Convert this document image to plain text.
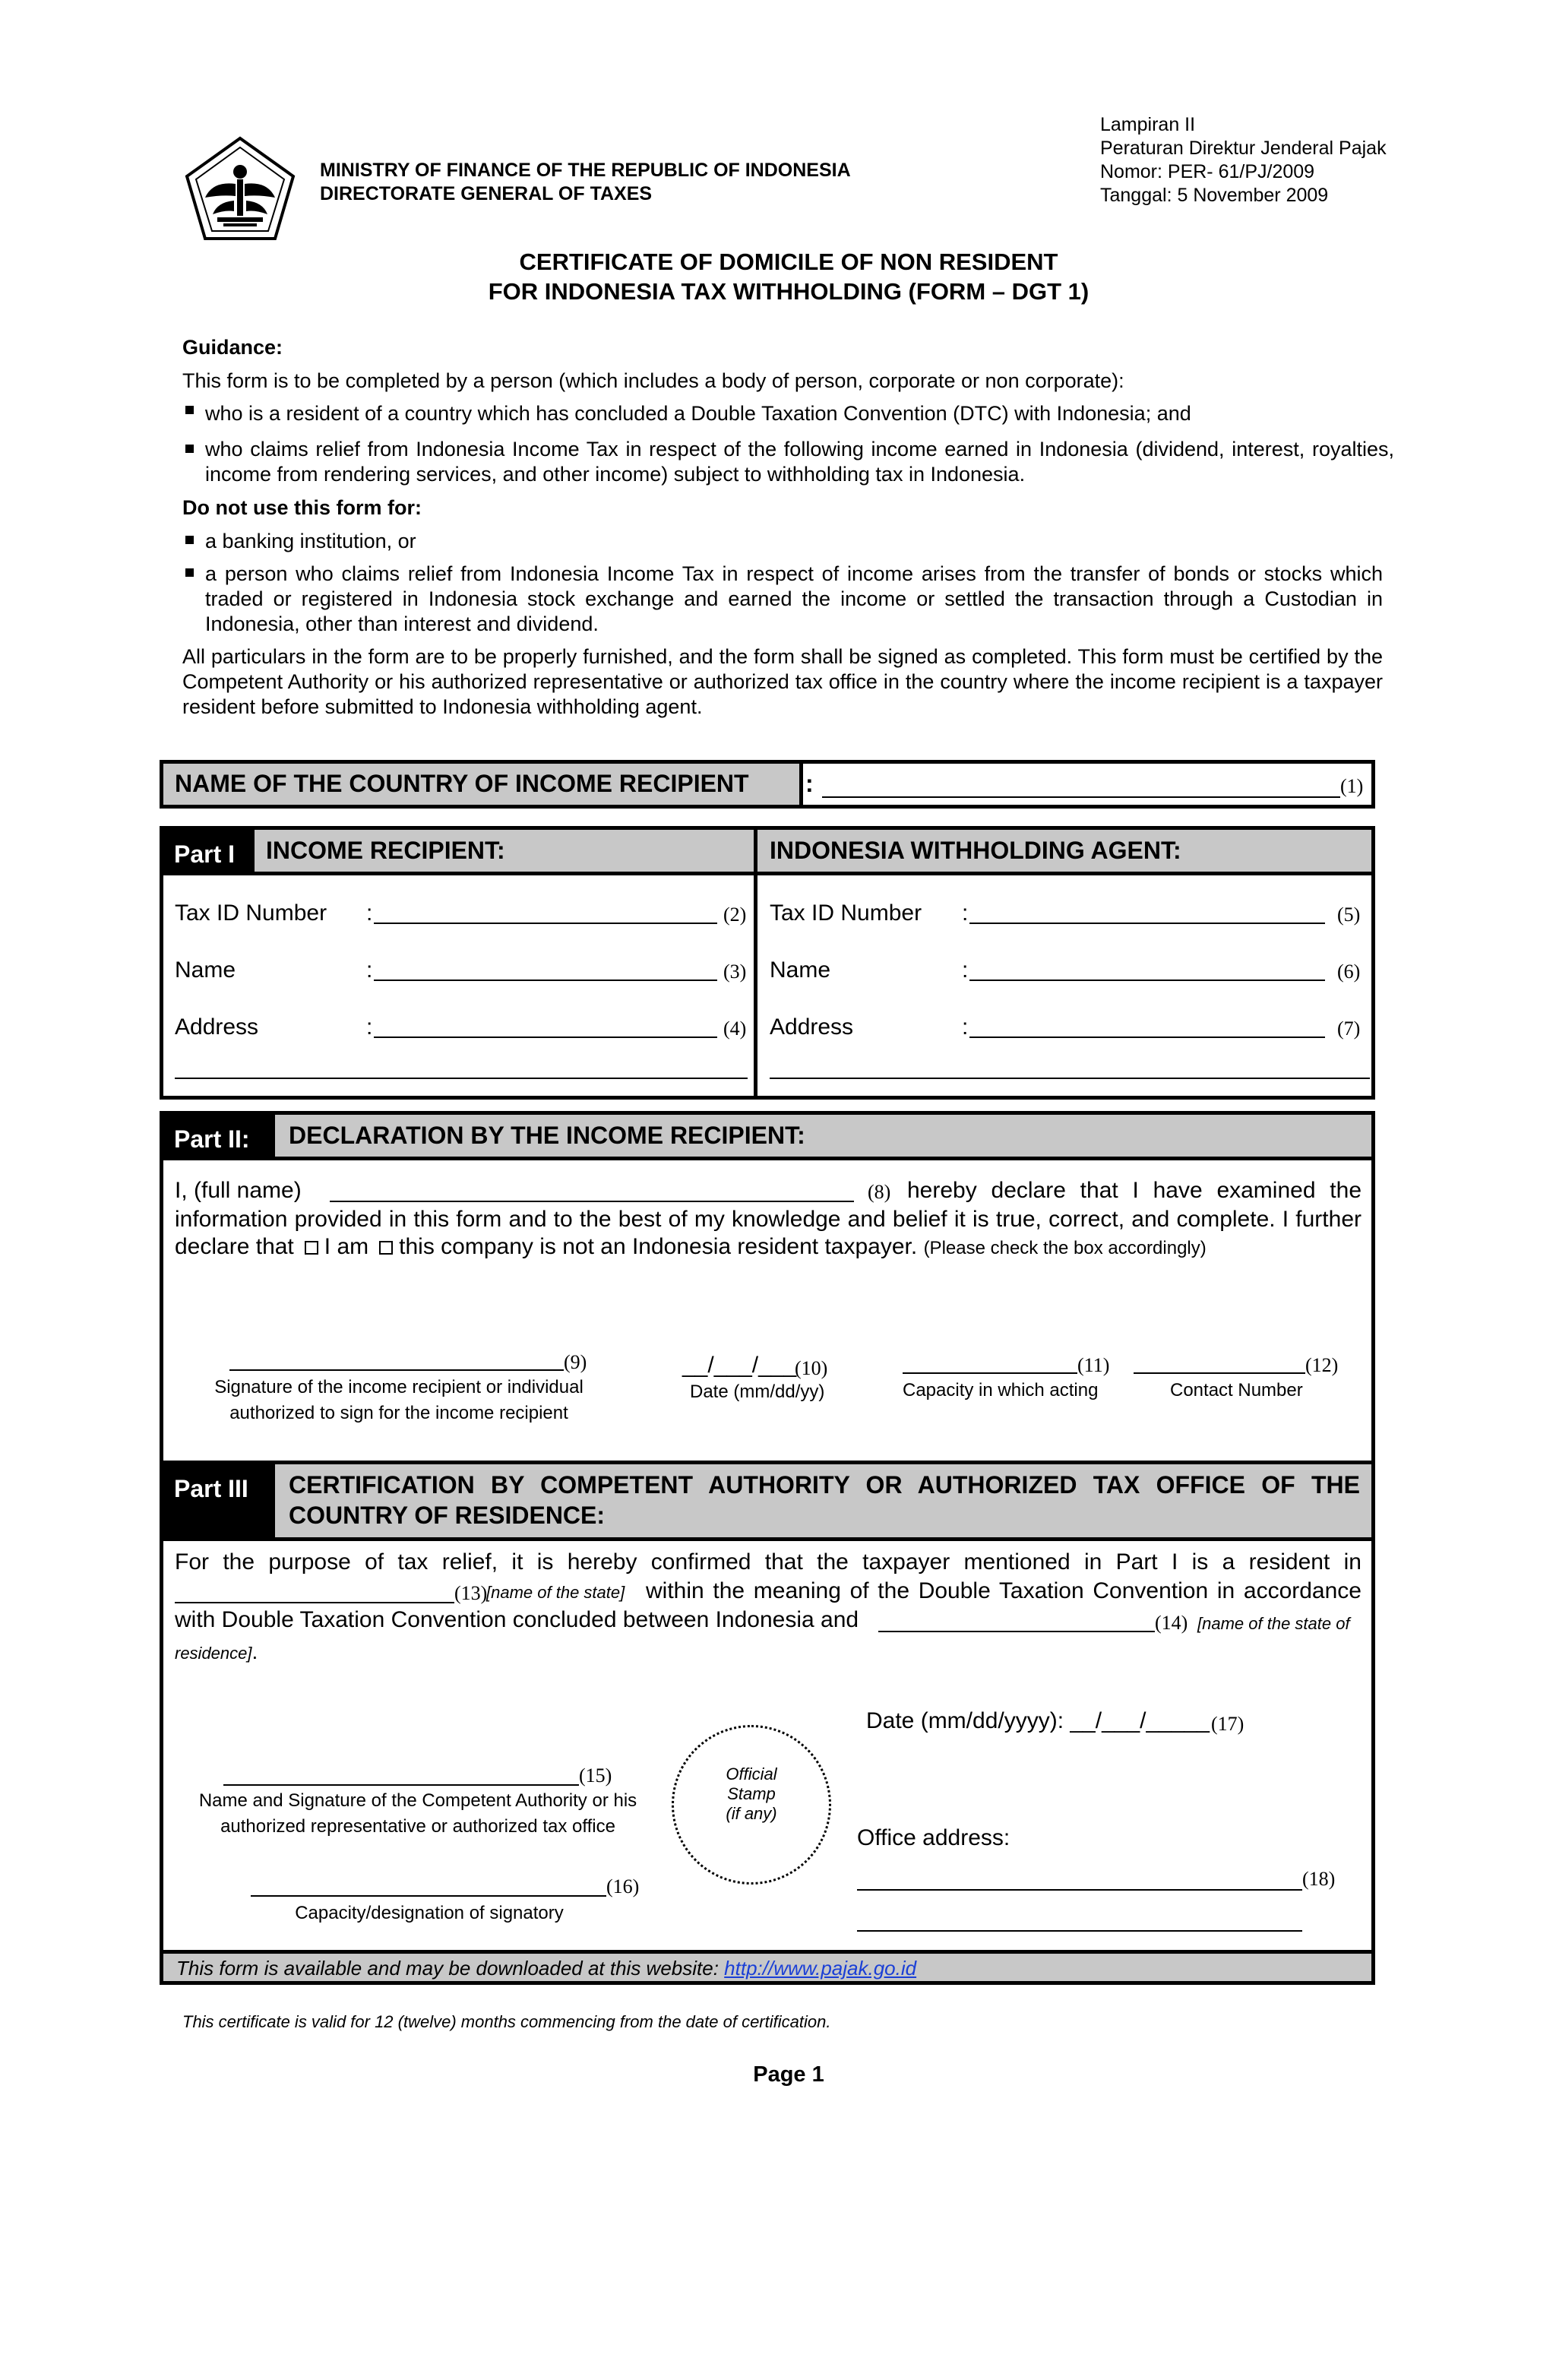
MINISTRY OF FINANCE OF THE REPUBLIC OF INDONESIA
DIRECTORATE GENERAL OF TAXES
Lampiran II
Peraturan Direktur Jenderal Pajak
Nomor: PER- 61/PJ/2009
Tanggal: 5 November 2009
CERTIFICATE OF DOMICILE OF NON RESIDENT
FOR INDONESIA TAX WITHHOLDING (FORM – DGT 1)
Guidance:
This form is to be completed by a person (which includes a body of person, corporate or non corporate):
who is a resident of a country which has concluded a Double Taxation Convention (DTC) with Indonesia; and
who claims relief from Indonesia Income Tax in respect of the following income earned in Indonesia (dividend, interest, royalties, income from rendering services, and other income) subject to withholding tax in Indonesia.
Do not use this form for:
a banking institution, or
a person who claims relief from Indonesia Income Tax in respect of income arises from the transfer of bonds or stocks which traded or registered in Indonesia stock exchange and earned the income or settled the transaction through a Custodian in Indonesia, other than interest and dividend.
All particulars in the form are to be properly furnished, and the form shall be signed as completed. This form must be certified by the Competent Authority or his authorized representative or authorized tax office in the country where the income recipient is a taxpayer resident before submitted to Indonesia withholding agent.
NAME OF THE COUNTRY OF INCOME RECIPIENT :	(1)
Part I	INCOME RECIPIENT:	INDONESIA WITHHOLDING AGENT:
Tax ID Number :	(2)
Name	:	(3)
Address	:	(4)
Tax ID Number :	(5)
Name	:	(6)
Address	:	(7)
Part II:	DECLARATION BY THE INCOME RECIPIENT:
I, (full name)	(8) hereby declare that I have examined the
information provided in this form and to the best of my knowledge and belief it is true, correct, and complete. I further
declare that I am this company is not an Indonesia resident taxpayer. (Please check the box accordingly)
(9)
Signature of the income recipient or individual
authorized to sign for the income recipient
__/___/___
(10)
Date (mm/dd/yy)
(11)
Capacity in which acting
(12)
Contact Number
Part III	CERTIFICATION BY COMPETENT AUTHORITY OR AUTHORIZED TAX OFFICE OF THE
COUNTRY OF RESIDENCE:
For the purpose of tax relief, it is hereby confirmed that the taxpayer mentioned in Part I is a resident in
(13)
[name of the state] within the meaning of the Double Taxation Convention in accordance
with Double Taxation Convention concluded between Indonesia and	(14) [name of the state of
residence].
(15)
Name and Signature of the Competent Authority or his
authorized representative or authorized tax office
Official
Stamp
(if any)
(16)
Capacity/designation of signatory
Date (mm/dd/yyyy): __/___/_____ (17)
Office address:
(18)
This form is available and may be downloaded at this website: http://www.pajak.go.id
This certificate is valid for 12 (twelve) months commencing from the date of certification.
Page 1
